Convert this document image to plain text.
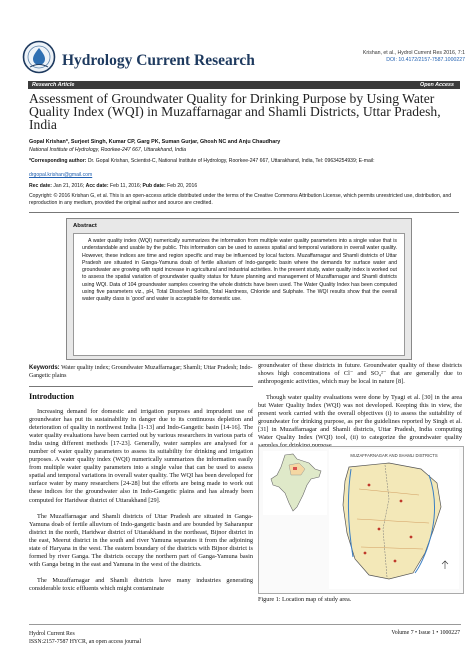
Hydrology Current Research	Krishan, et al., Hydrol Current Res 2016, 7:1
DOI: 10.4172/2157-7587.1000227
Research Article	Open Access
Assessment of Groundwater Quality for Drinking Purpose by Using Water Quality Index (WQI) in Muzaffarnagar and Shamli Districts, Uttar Pradesh, India
Gopal Krishan*, Surjeet Singh, Kumar CP, Garg PK, Suman Gurjar, Ghosh NC and Anju Chaudhary
National Institute of Hydrology, Roorkee-247 667, Uttarakhand, India
*Corresponding author: Dr. Gopal Krishan, Scientist-C, National Institute of Hydrology, Roorkee-247 667, Uttarakhand, India, Tel: 09634254939; E-mail:
drgopal.krishan@gmail.com
Rec date: Jan 21, 2016; Acc date: Feb 11, 2016; Pub date: Feb 20, 2016
Copyright: © 2016 Krishan G, et al. This is an open-access article distributed under the terms of the Creative Commons Attribution License, which permits unrestricted use, distribution, and reproduction in any medium, provided the original author and source are credited.
Abstract
A water quality index (WQI) numerically summarizes the information from multiple water quality parameters into a single value that is understandable and usable by the public. This information can be used to assess spatial and temporal variations in overall water quality. However, these indices are time and region specific and may be influenced by local factors. Muzaffarnagar and Shamli districts of Uttar Pradesh are situated in Ganga-Yamuna doab of fertile alluvium of Indo-gangetic basin where the demands for surface water and groundwater are growing with rapid increase in agricultural and industrial activities. In the present study, water quality index is worked out to assess the spatial variation of groundwater quality status for future planning and management of Muzaffarnagar and Shamli districts using WQI. Data of 104 groundwater samples covering the whole districts have been used. The Water Quality Index has been computed using five parameters viz., pH, Total Dissolved Solids, Total Hardness, Chloride and Sulphate. The WQI results show that the overall water quality class is ‘good’ and water is acceptable for domestic use.
Keywords: Water quality index; Groundwater Muzaffarnagar; Shamli; Uttar Pradesh; Indo-Gangetic plains
Introduction

Increasing demand for domestic and irrigation purposes and imprudent use of groundwater has put its sustainability in danger due to its continuous depletion and deterioration of quality in northwest India [1-13] and Indo-Gangetic basin [14-16]. The water quality evaluations have been carried out by various researchers in various parts of India using different methods [17-23]. Generally, water samples are analysed for a number of water quality parameters to assess its suitability for drinking and irrigation purposes. A water quality index (WQI) numerically summarizes the information easily from multiple water quality parameters into a single value that can be used to assess spatial and temporal variations in overall water quality. The WQI has been developed for surface water by many researchers [24-28] but the efforts are being made to work out these indices for the groundwater also in Indo-Gangetic plains and has already been computed for Haridwar district of Uttarakhand [29].

The Muzaffarnagar and Shamli districts of Uttar Pradesh are situated in Ganga-Yamuna doab of fertile alluvium of Indo-gangetic basin and are bounded by Saharanpur district in the north, Haridwar district of Uttarakhand in the northeast, Bijnor district in the east, Meerut district in the south and river Yamuna separates it from the adjoining state of Haryana in the west. The eastern boundary of the districts with Bijnor district is formed by river Ganga. The districts occupy the northern part of Ganga-Yamuna basin with Ganga being in the east and Yamuna in the west of the districts.

The Muzaffarnagar and Shamli districts have many industries generating considerable toxic effluents which might contaminate

groundwater of these districts in future. Groundwater quality of these districts shows high concentrations of Cl⁻ and SO₄²⁻ that are generally due to anthropogenic activities, which may be local in nature [8].

Though water quality evaluations were done by Tyagi et al. [30] in the area but Water Quality Index (WQI) was not developed. Keeping this in view, the present work carried with the overall objectives (i) to assess the suitability of groundwater for drinking purpose, as per the guidelines reported by Singh et al. [31] in Muzaffarnagar and Shamli districts, Uttar Pradesh, India computing Water Quality Index (WQI) tool, (ii) to categorize the groundwater quality

MUZAFFARNAGAR AND SHAMLI DISTRICTS
Figure 1: Location map of study area.
Hydrol Current Res
ISSN:2157-7587 HYCR, an open access journal
Volume 7 • Issue 1 • 1000227
